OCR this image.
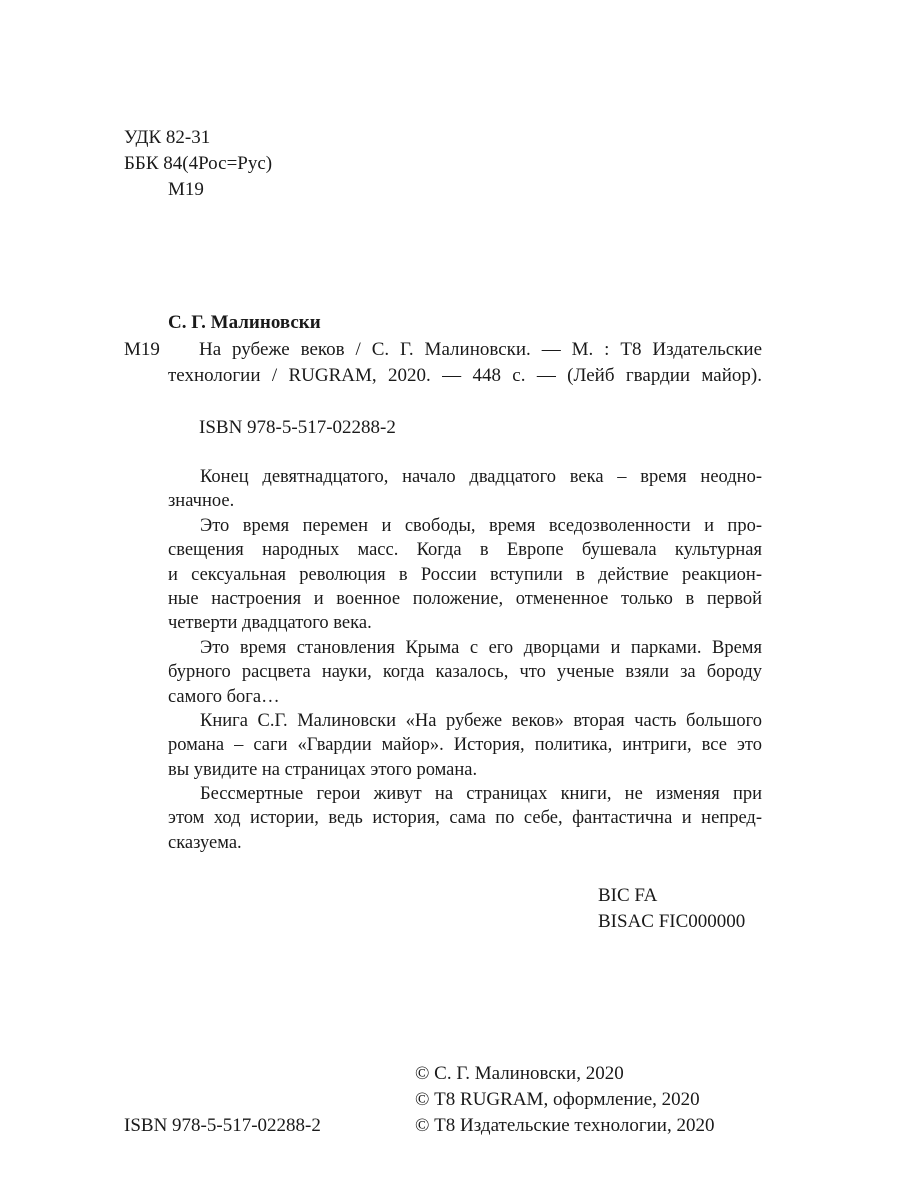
УДК 82-31

ББК 84(4Рос=Рус)

М19

С. Г. Малиновски

М19 На рубеже веков / С. Г. Малиновски. — М. : Т8 Издательские
технологии / RUGRAM, 2020. — 448 с. — (Лейб гвардии майор).

ISBN 978-5-517-02288-2

Конец девятнадцатого, начало двадцатого века – время неодно-
значное.
Это время перемен и свободы, время вседозволенности и про-
свещения народных масс. Когда в Европе бушевала культурная
и сексуальная революция в России вступили в действие реакцион-
ные настроения и военное положение, отмененное только в первой
четверти двадцатого века.
Это время становления Крыма с его дворцами и парками. Время
бурного расцвета науки, когда казалось, что ученые взяли за бороду
самого бога…
Книга С.Г. Малиновски «На рубеже веков» вторая часть большого
романа – саги «Гвардии майор». История, политика, интриги, все это
вы увидите на страницах этого романа.
Бессмертные герои живут на страницах книги, не изменяя при
этом ход истории, ведь история, сама по себе, фантастична и непред-
сказуема.

BIC FA

BISAC FIC000000

ISBN 978-5-517-02288-2

© С. Г. Малиновски, 2020

© Т8 RUGRAM, оформление, 2020

© Т8 Издательские технологии, 2020
